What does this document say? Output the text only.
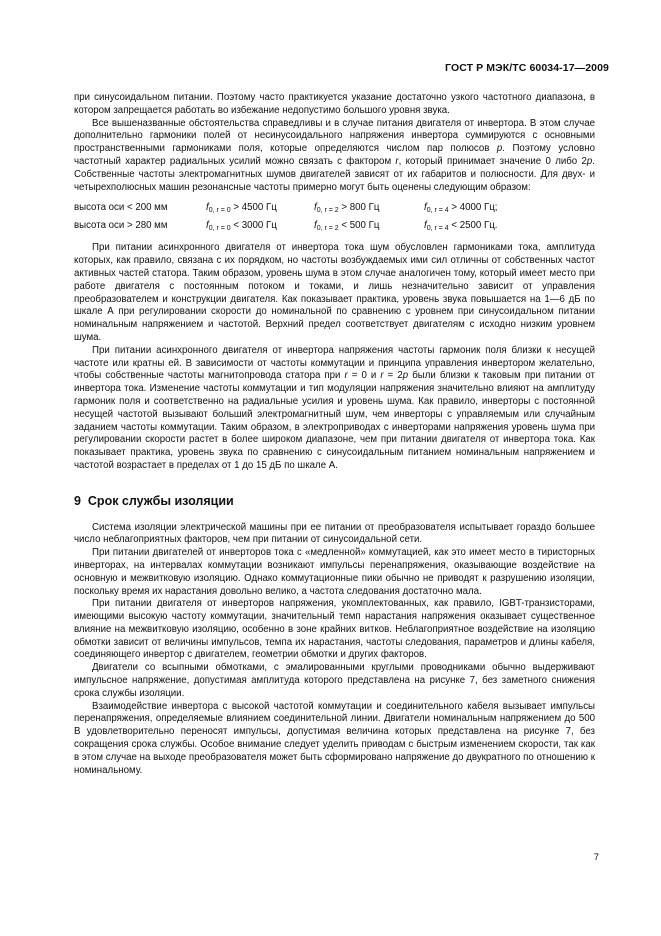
ГОСТ Р МЭК/ТС 60034-17—2009

при синусоидальном питании. Поэтому часто практикуется указание достаточно узкого частотного диапазона, в котором запрещается работать во избежание недопустимо большого уровня звука.

Все вышеназванные обстоятельства справедливы и в случае питания двигателя от инвертора. В этом случае дополнительно гармоники полей от несинусоидального напряжения инвертора суммируются с основными пространственными гармониками поля, которые определяются числом пар полюсов p. Поэтому условно частотный характер радиальных усилий можно связать с фактором r, который принимает значение 0 либо 2p. Собственные частоты электромагнитных шумов двигателей зависят от их габаритов и полюсности. Для двух- и четырехполюсных машин резонансные частоты примерно могут быть оценены следующим образом:

высота оси < 200 мм	$f_{0, r = 0} > 4500$ Гц	$f_{0, r = 2} > 800$ Гц	$f_{0, r = 4} > 4000$ Гц;
высота оси > 280 мм	$f_{0, r = 0} < 3000$ Гц	$f_{0, r = 2} < 500$ Гц	$f_{0, r = 4} < 2500$ Гц.

При питании асинхронного двигателя от инвертора тока шум обусловлен гармониками тока, амплитуда которых, как правило, связана с их порядком, но частоты возбуждаемых ими сил отличны от собственных частот активных частей статора. Таким образом, уровень шума в этом случае аналогичен тому, который имеет место при работе двигателя с постоянным потоком и токами, и лишь незначительно зависит от управления преобразователем и конструкции двигателя. Как показывает практика, уровень звука повышается на 1—6 дБ по шкале А при регулировании скорости до номинальной по сравнению с уровнем при синусоидальном питании номинальным напряжением и частотой. Верхний предел соответствует двигателям с исходно низким уровнем шума.

При питании асинхронного двигателя от инвертора напряжения частоты гармоник поля близки к несущей частоте или кратны ей. В зависимости от частоты коммутации и принципа управления инвертором желательно, чтобы собственные частоты магнитопровода статора при r = 0 и r = 2p были близки к таковым при питании от инвертора тока. Изменение частоты коммутации и тип модуляции напряжения значительно влияют на амплитуду гармоник поля и соответственно на радиальные усилия и уровень шума. Как правило, инверторы с постоянной несущей частотой вызывают больший электромагнитный шум, чем инверторы с управляемым или случайным заданием частоты коммутации. Таким образом, в электроприводах с инверторами напряжения уровень шума при регулировании скорости растет в более широком диапазоне, чем при питании двигателя от инвертора тока. Как показывает практика, уровень звука по сравнению с синусоидальным питанием номинальным напряжением и частотой возрастает в пределах от 1 до 15 дБ по шкале А.

9 Срок службы изоляции

Система изоляции электрической машины при ее питании от преобразователя испытывает гораздо большее число неблагоприятных факторов, чем при питании от синусоидальной сети.

При питании двигателей от инверторов тока с «медленной» коммутацией, как это имеет место в тиристорных инверторах, на интервалах коммутации возникают импульсы перенапряжения, оказывающие воздействие на основную и межвитковую изоляцию. Однако коммутационные пики обычно не приводят к разрушению изоляции, поскольку время их нарастания довольно велико, а частота следования достаточно мала.

При питании двигателя от инверторов напряжения, укомплектованных, как правило, IGBT-транзисторами, имеющими высокую частоту коммутации, значительный темп нарастания напряжения оказывает существенное влияние на межвитковую изоляцию, особенно в зоне крайних витков. Неблагоприятное воздействие на изоляцию обмотки зависит от величины импульсов, темпа их нарастания, частоты следования, параметров и длины кабеля, соединяющего инвертор с двигателем, геометрии обмотки и других факторов.

Двигатели со всыпными обмотками, с эмалированными круглыми проводниками обычно выдерживают импульсное напряжение, допустимая амплитуда которого представлена на рисунке 7, без заметного снижения срока службы изоляции.

Взаимодействие инвертора с высокой частотой коммутации и соединительного кабеля вызывает импульсы перенапряжения, определяемые влиянием соединительной линии. Двигатели номинальным напряжением до 500 В удовлетворительно переносят импульсы, допустимая величина которых представлена на рисунке 7, без сокращения срока службы. Особое внимание следует уделить приводам с быстрым изменением скорости, так как в этом случае на выходе преобразователя может быть сформировано напряжение до двукратного по отношению к номинальному.

7
